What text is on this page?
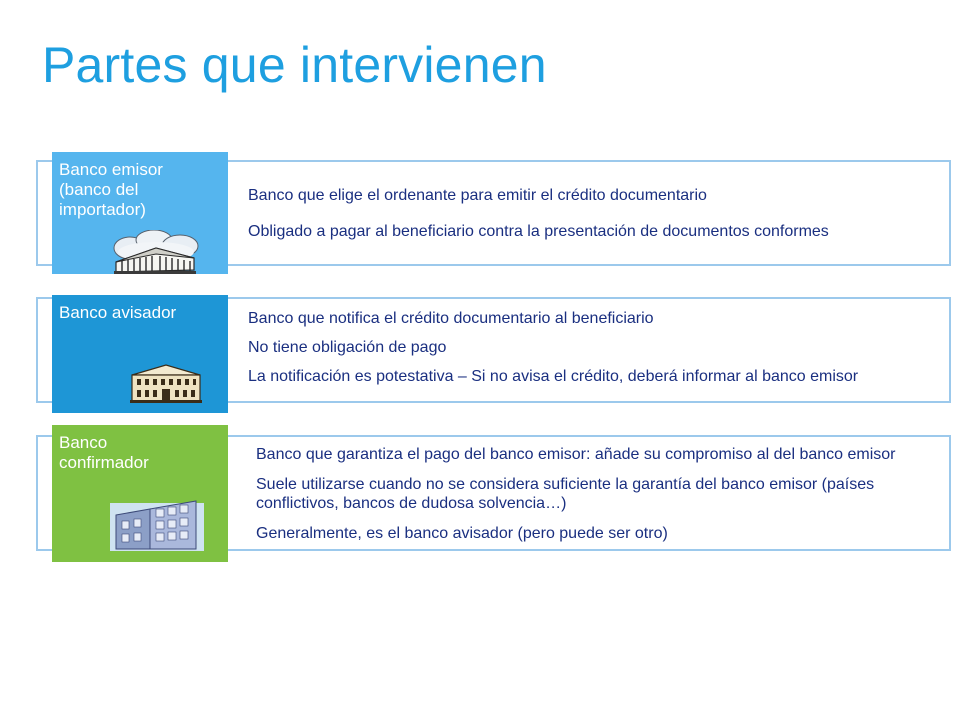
Partes que intervienen
Banco emisor
(banco del
importador)
Banco que elige el ordenante para emitir el crédito documentario
Obligado a pagar al beneficiario contra la presentación de documentos conformes
Banco avisador	Banco que notifica el crédito documentario al beneficiario
No tiene obligación de pago
La notificación es potestativa – Si no avisa el crédito, deberá informar al banco emisor
Banco
confirmador	Banco que garantiza el pago del banco emisor: añade su compromiso al del banco emisor
Suele utilizarse cuando no se considera suficiente la garantía del banco emisor (países conflictivos, bancos de dudosa solvencia…)
Generalmente, es el banco avisador (pero puede ser otro)
